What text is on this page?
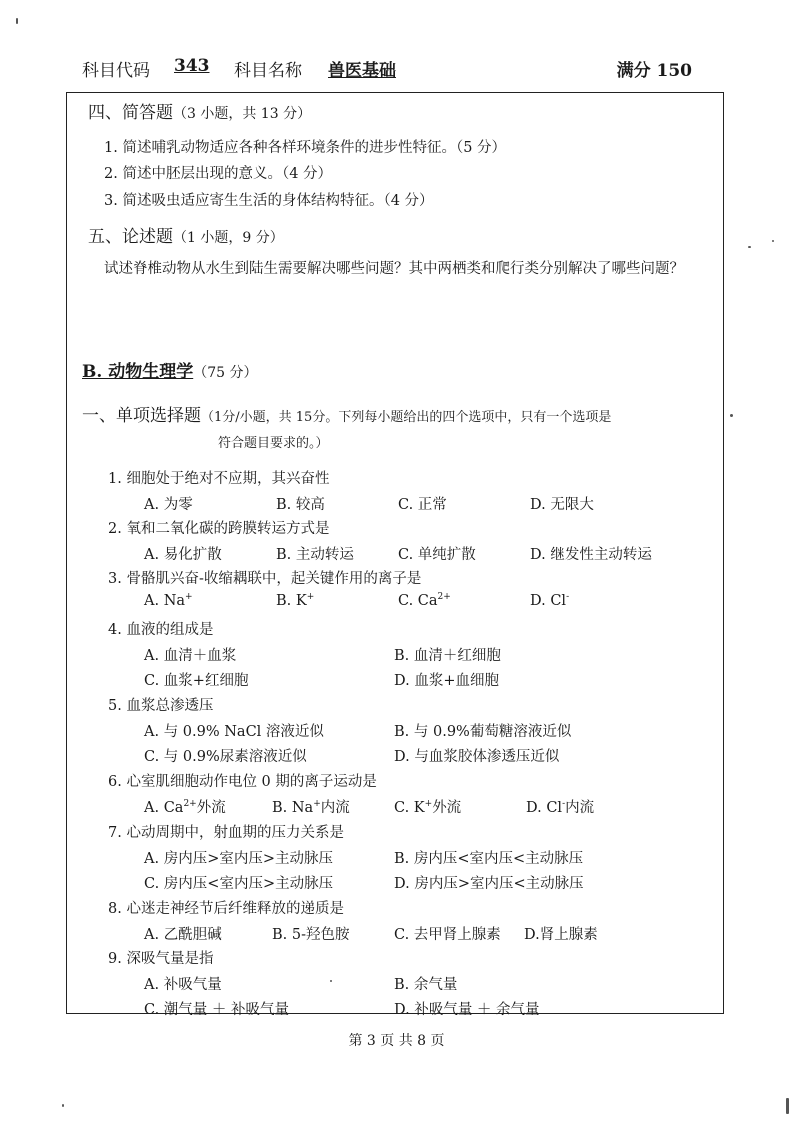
科目代码 343 科目名称 兽医基础	满分 150
四、简答题（3 小题，共 13 分）
1. 简述哺乳动物适应各种各样环境条件的进步性特征。（5 分）
2. 简述中胚层出现的意义。（4 分）
3. 简述吸虫适应寄生生活的身体结构特征。（4 分）
五、论述题（1 小题，9 分）
试述脊椎动物从水生到陆生需要解决哪些问题？其中两栖类和爬行类分别解决了哪些问题？
B. 动物生理学（75 分）
一、单项选择题（1分/小题，共 15分。下列每小题给出的四个选项中，只有一个选项是
符合题目要求的。）
1. 细胞处于绝对不应期，其兴奋性
A. 为零	B. 较高	C. 正常	D. 无限大
2. 氧和二氧化碳的跨膜转运方式是
A. 易化扩散	B. 主动转运	C. 单纯扩散	D. 继发性主动转运
3. 骨骼肌兴奋-收缩耦联中，起关键作用的离子是
A. Na+	B. K+	C. $Ca^{2+}$	D. Cl-
4. 血液的组成是
A. 血清＋血浆	B. 血清＋红细胞
C. 血浆+红细胞	D. 血浆+血细胞
5. 血浆总渗透压
A. 与 0.9% NaCl 溶液近似	B. 与 0.9%葡萄糖溶液近似
C. 与 0.9%尿素溶液近似	D. 与血浆胶体渗透压近似
6. 心室肌细胞动作电位 0 期的离子运动是
A. $Ca^{2+}$外流	B. Na+内流	C. K+外流	D. Cl-内流
7. 心动周期中，射血期的压力关系是
A. 房内压>室内压>主动脉压	B. 房内压<室内压<主动脉压
C. 房内压<室内压>主动脉压	D. 房内压>室内压<主动脉压
8. 心迷走神经节后纤维释放的递质是
A. 乙酰胆碱	B. 5-羟色胺	C. 去甲肾上腺素 D.肾上腺素
9. 深吸气量是指
A. 补吸气量	B. 余气量
C. 潮气量 ＋ 补吸气量	D. 补吸气量 ＋ 余气量
第 3 页 共 8 页
